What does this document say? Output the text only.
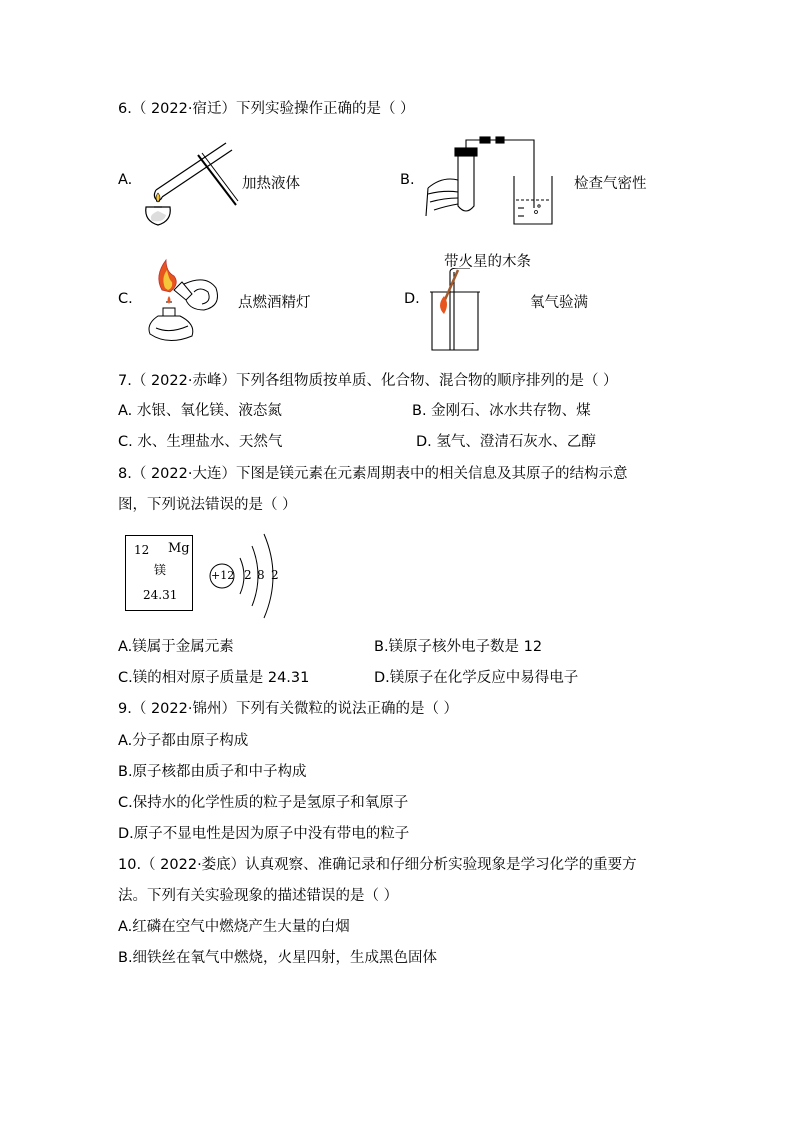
6.（ 2022·宿迁）下列实验操作正确的是（ ）
A.	加热液体	B.	检查气密性
C.	点燃酒精灯
带火星的木条
D.	氧气验满
7.（ 2022·赤峰）下列各组物质按单质、化合物、混合物的顺序排列的是（ ）
A. 水银、氧化镁、液态氮	B. 金刚石、冰水共存物、煤
C. 水、生理盐水、天然气	D. 氢气、澄清石灰水、乙醇
8.（ 2022·大连）下图是镁元素在元素周期表中的相关信息及其原子的结构示意
图，下列说法错误的是（ ）
12 Mg
镁
24.31
+12 2 8 2
A.镁属于金属元素	B.镁原子核外电子数是 12
C.镁的相对原子质量是 24.31	D.镁原子在化学反应中易得电子
9.（ 2022·锦州）下列有关微粒的说法正确的是（ ）
A.分子都由原子构成
B.原子核都由质子和中子构成
C.保持水的化学性质的粒子是氢原子和氧原子
D.原子不显电性是因为原子中没有带电的粒子
10.（ 2022·娄底）认真观察、准确记录和仔细分析实验现象是学习化学的重要方
法。下列有关实验现象的描述错误的是（ ）
A.红磷在空气中燃烧产生大量的白烟
B.细铁丝在氧气中燃烧，火星四射，生成黑色固体
